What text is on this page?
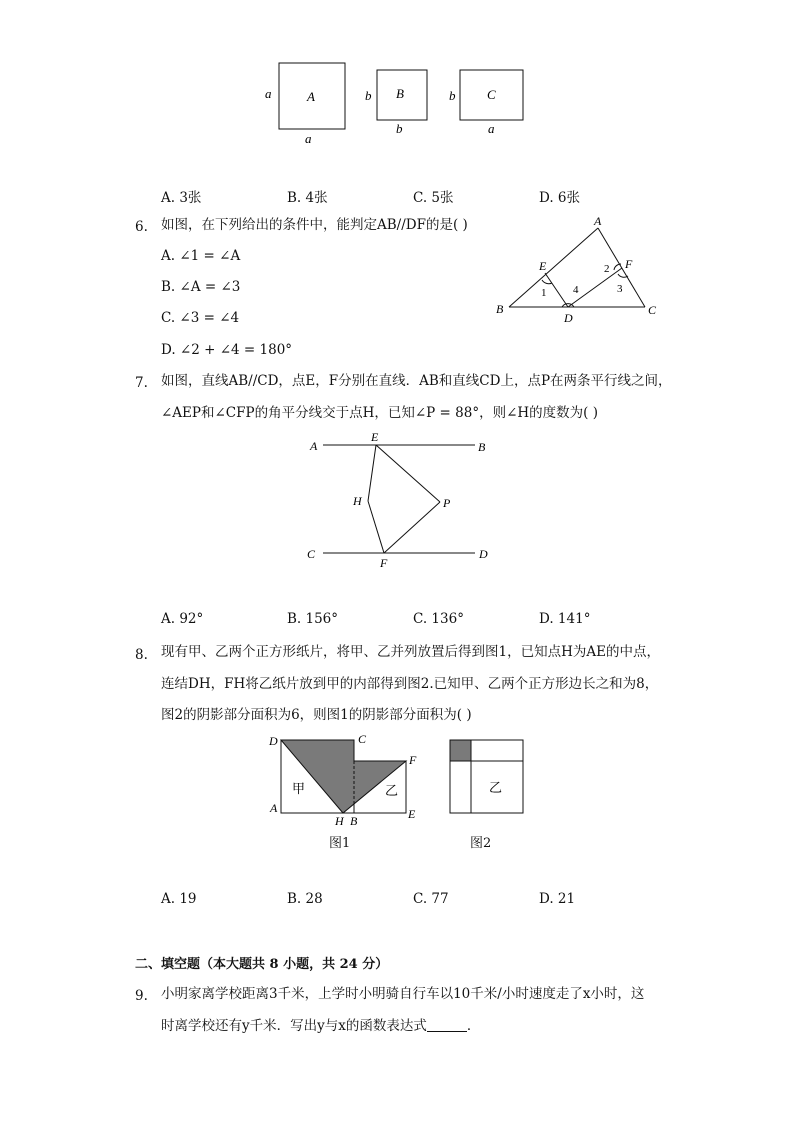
A
a
a
B
b
b
C
b
a
A. 3张	B. 4张	C. 5张	D. 6张
6. 如图，在下列给出的条件中，能判定AB//DF的是( )
A. ∠1 = ∠A
B. ∠A = ∠3
C. ∠3 = ∠4
D. ∠2 + ∠4 = 180°
A
B	C
D
E	F
1
2
3
4
7. 如图，直线AB//CD，点E，F分别在直线．AB和直线CD上，点P在两条平行线之间，
∠AEP和∠CFP的角平分线交于点H，已知∠P = 88°，则∠H的度数为( )
A	B
E
H	P
C	D
F
A. 92°	B. 156°	C. 136°	D. 141°
8. 现有甲、乙两个正方形纸片，将甲、乙并列放置后得到图1，已知点H为AE的中点，
连结DH，FH将乙纸片放到甲的内部得到图2.已知甲、乙两个正方形边长之和为8，
图2的阴影部分面积为6，则图1的阴影部分面积为( )
D	C
F
A
H B	E
甲	乙	乙
图1	图2
A. 19	B. 28	C. 77	D. 21
二、填空题（本大题共 8 小题，共 24 分）
9. 小明家离学校距离3千米，上学时小明骑自行车以10千米/小时速度走了x小时，这
时离学校还有y千米．写出y与x的函数表达式	．
